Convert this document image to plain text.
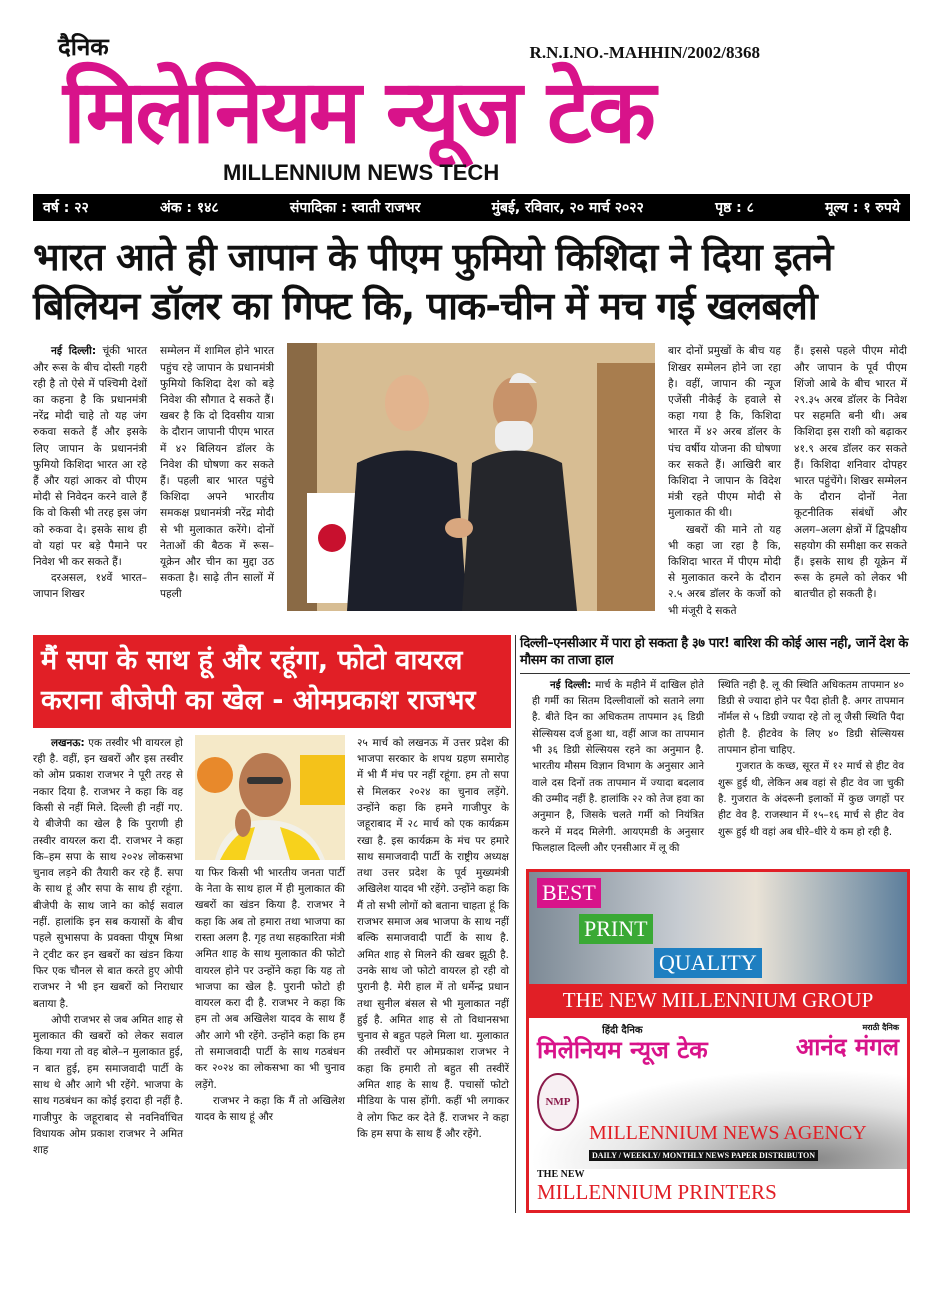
दैनिक	R.N.I.NO.-MAHHIN/2002/8368
मिलेनियम न्यूज टेक
MILLENNIUM NEWS TECH
वर्ष : २२	अंक : १४८	संपादिका : स्वाती राजभर	मुंबई, रविवार, २० मार्च २०२२	पृष्ठ : ८	मूल्य : १ रुपये
भारत आते ही जापान के पीएम फुमियो किशिदा ने दिया इतने
बिलियन डॉलर का गिफ्ट कि, पाक-चीन में मच गई खलबली

नई दिल्ली: चूंकी भारत और रूस के बीच दोस्ती गहरी रही है तो ऐसे में पश्चिमी देशों का कहना है कि प्रधानमंत्री नरेंद्र मोदी चाहे तो यह जंग रुकवा सकते हैं और इसके लिए जापान के प्रधाननंत्री फुमियो किशिदा भारत आ रहे हैं और यहां आकर वो पीएम मोदी से निवेदन करने वाले हैं कि वो किसी भी तरह इस जंग को रुकवा दे। इसके साथ ही वो यहां पर बड़े पैमाने पर निवेश भी कर सकते हैं।

दरअसल, १४वें भारत–जापान शिखर

सम्मेलन में शामिल होने भारत पहुंच रहे जापान के प्रधानमंत्री फुमियो किशिदा देश को बड़े निवेश की सौगात दे सकते हैं। खबर है कि दो दिवसीय यात्रा के दौरान जापानी पीएम भारत में ४२ बिलियन डॉलर के निवेश की घोषणा कर सकते हैं। पहली बार भारत पहुंचे किशिदा अपने भारतीय समकक्ष प्रधानमंत्री नरेंद्र मोदी से भी मुलाकात करेंगे। दोनों नेताओं की बैठक में रूस–यूक्रेन और चीन का मुद्दा उठ सकता है। साढ़े तीन सालों में पहली

बार दोनों प्रमुखों के बीच यह शिखर सम्मेलन होने जा रहा है। वहीं, जापान की न्यूज एजेंसी नीकेई के हवाले से कहा गया है कि, किशिदा भारत में ४२ अरब डॉलर के पंच वर्षीय योजना की घोषणा कर सकते हैं। आखिरी बार किशिदा ने जापान के विदेश मंत्री रहते पीएम मोदी से मुलाकात की थी।

खबरों की माने तो यह भी कहा जा रहा है कि, किशिदा भारत में पीएम मोदी से मुलाकात करने के दौरान २.५ अरब डॉलर के कर्जो को भी मंजूरी दे सकते

हैं। इससे पहले पीएम मोदी और जापान के पूर्व पीएम शिंजो आबे के बीच भारत में २९.३५ अरब डॉलर के निवेश पर सहमति बनी थी। अब किशिदा इस राशी को बढ़ाकर ४१.९ अरब डॉलर कर सकते हैं। किशिदा शनिवार दोपहर भारत पहुंचेंगे। शिखर सम्मेलन के दौरान दोनों नेता कूटनीतिक संबंधों और अलग–अलग क्षेत्रों में द्विपक्षीय सहयोग की समीक्षा कर सकते हैं। इसके साथ ही यूक्रेन में रूस के हमले को लेकर भी बातचीत हो सकती है।

मैं सपा के साथ हूं और रहूंगा, फोटो वायरल
कराना बीजेपी का खेल - ओमप्रकाश राजभर

लखनऊ: एक तस्वीर भी वायरल हो रही है. वहीं, इन खबरों और इस तस्वीर को ओम प्रकाश राजभर ने पूरी तरह से नकार दिया है. राजभर ने कहा कि वह किसी से नहीं मिले. दिल्ली ही नहीं गए. ये बीजेपी का खेल है कि पुराणी ही तस्वीर वायरल करा दी. राजभर ने कहा कि–हम सपा के साथ २०२४ लोकसभा चुनाव लड़ने की तैयारी कर रहे हैं. सपा के साथ हूं और सपा के साथ ही रहूंगा. बीजेपी के साथ जाने का कोई सवाल नहीं. हालांकि इन सब कयासों के बीच पहले सुभासपा के प्रवक्ता पीयूष मिश्रा ने ट्वीट कर इन खबरों का खंडन किया फिर एक चौनल से बात करते हुए ओपी राजभर ने भी इन खबरों को निराधार बताया है.

ओपी राजभर से जब अमित शाह से मुलाकात की खबरों को लेकर सवाल किया गया तो वह बोले–न मुलाकात हुई, न बात हुई, हम समाजवादी पार्टी के साथ थे और आगे भी रहेंगे. भाजपा के साथ गठबंधन का कोई इरादा ही नहीं है. गाजीपुर के जहूराबाद से नवनिर्वाचित विधायक ओम प्रकाश राजभर ने अमित शाह

या फिर किसी भी भारतीय जनता पार्टी के नेता के साथ हाल में ही मुलाकात की खबरों का खंडन किया है. राजभर ने कहा कि अब तो हमारा तथा भाजपा का रास्ता अलग है. गृह तथा सहकारिता मंत्री अमित शाह के साथ मुलाकात की फोटो वायरल होने पर उन्होंने कहा कि यह तो भाजपा का खेल है. पुरानी फोटो ही वायरल करा दी है. राजभर ने कहा कि हम तो अब अखिलेश यादव के साथ हैं और आगे भी रहेंगे. उन्होंने कहा कि हम तो समाजवादी पार्टी के साथ गठबंधन कर २०२४ का लोकसभा का भी चुनाव लड़ेंगे.

राजभर ने कहा कि मैं तो अखिलेश यादव के साथ हूं और

२५ मार्च को लखनऊ में उत्तर प्रदेश की भाजपा सरकार के शपथ ग्रहण समारोह में भी मैं मंच पर नहीं रहूंगा. हम तो सपा से मिलकर २०२४ का चुनाव लड़ेंगे. उन्होंने कहा कि हमने गाजीपुर के जहूराबाद में २८ मार्च को एक कार्यक्रम रखा है. इस कार्यक्रम के मंच पर हमारे साथ समाजवादी पार्टी के राष्ट्रीय अध्यक्ष तथा उत्तर प्रदेश के पूर्व मुख्यमंत्री अखिलेश यादव भी रहेंगे. उन्होंने कहा कि मैं तो सभी लोगों को बताना चाहता हूं कि राजभर समाज अब भाजपा के साथ नहीं बल्कि समाजवादी पार्टी के साथ है. अमित शाह से मिलने की खबर झूठी है. उनके साथ जो फोटो वायरल हो रही वो पुरानी है. मेरी हाल में तो धर्मेन्द्र प्रधान तथा सुनील बंसल से भी मुलाकात नहीं हुई है. अमित शाह से तो विधानसभा चुनाव से बहुत पहले मिला था. मुलाकात की तस्वीरों पर ओमप्रकाश राजभर ने कहा कि हमारी तो बहुत सी तस्वीरें अमित शाह के साथ हैं. पचासों फोटो मीडिया के पास होंगी. कहीं भी लगाकर वे लोग फिट कर देते हैं. राजभर ने कहा कि हम सपा के साथ हैं और रहेंगे.

दिल्ली–एनसीआर में पारा हो सकता है ३७ पार! बारिश की कोई आस नही, जानें देश के मौसम का ताजा हाल

नई दिल्ली: मार्च के महीने में दाखिल होते ही गर्मी का सितम दिल्लीवालों को सताने लगा है. बीते दिन का अधिकतम तापमान ३६ डिग्री सेल्सियस दर्ज हुआ था, वहीं आज का तापमान भी ३६ डिग्री सेल्सियस रहने का अनुमान है. भारतीय मौसम विज्ञान विभाग के अनुसार आने वाले दस दिनों तक तापमान में ज्यादा बदलाव की उम्मीद नहीं है. हालांकि २२ को तेज हवा का अनुमान है, जिसके चलते गर्मी को नियंत्रित करने में मदद मिलेगी. आयएमडी के अनुसार फिलहाल दिल्ली और एनसीआर में लू की

स्थिति नही है. लू की स्थिति अधिकतम तापमान ४० डिग्री से ज्यादा होने पर पैदा होती है. अगर तापमान नॉर्मल से ५ डिग्री ज्यादा रहे तो लू जैसी स्थिति पैदा होती है. हीटवेव के लिए ४० डिग्री सेल्सियस तापमान होना चाहिए.

गुजरात के कच्छ, सूरत में १२ मार्च से हीट वेव शुरू हुई थी, लेकिन अब वहां से हीट वेव जा चुकी है. गुजरात के अंदरूनी इलाकों में कुछ जगहों पर हीट वेव है. राजस्थान में १५–१६ मार्च से हीट वेव शुरू हुई थी वहां अब धीरे–धीरे ये कम हो रही है.

BEST
PRINT
QUALITY
THE NEW MILLENNIUM GROUP
हिंदी दैनिक
मिलेनियम न्यूज टेक
मराठी दैनिक
आनंद मंगल
NMP
MILLENNIUM NEWS AGENCY
DAILY / WEEKLY/ MONTHLY NEWS PAPER DISTRIBUTON
THE NEW
MILLENNIUM PRINTERS
